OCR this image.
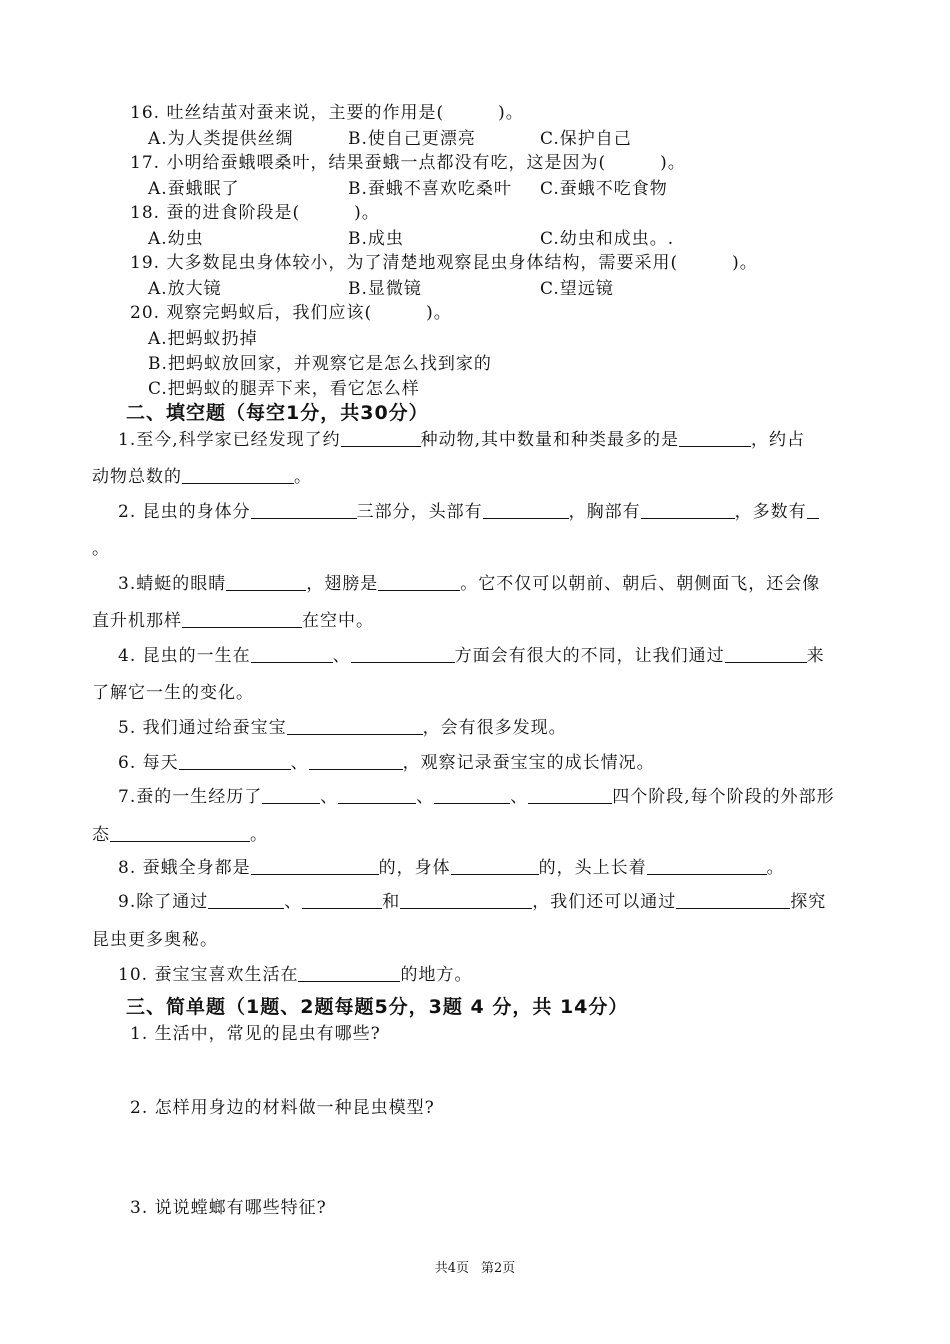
16. 吐丝结茧对蚕来说，主要的作用是(　　　)。
A.为人类提供丝绸	B.使自己更漂亮	C.保护自己
17. 小明给蚕蛾喂桑叶，结果蚕蛾一点都没有吃，这是因为(　　　)。
A.蚕蛾眠了	B.蚕蛾不喜欢吃桑叶 C.蚕蛾不吃食物
18. 蚕的进食阶段是(　　　)。
A.幼虫	B.成虫	C.幼虫和成虫。.
19. 大多数昆虫身体较小，为了清楚地观察昆虫身体结构，需要采用(　　　)。
A.放大镜	B.显微镜	C.望远镜
20. 观察完蚂蚁后，我们应该(　　　)。
A.把蚂蚁扔掉
B.把蚂蚁放回家，并观察它是怎么找到家的
C.把蚂蚁的腿弄下来，看它怎么样
二、填空题（每空1分，共30分）
1.至今,科学家已经发现了约	种动物,其中数量和种类最多的是	，约占
动物总数的	。
2. 昆虫的身体分	三部分，头部有	，胸部有	，多数有
。
3.蜻蜓的眼睛	，翅膀是	。它不仅可以朝前、朝后、朝侧面飞，还会像
直升机那样	在空中。
4. 昆虫的一生在	、	方面会有很大的不同，让我们通过	来
了解它一生的变化。
5. 我们通过给蚕宝宝	，会有很多发现。
6. 每天	、	，观察记录蚕宝宝的成长情况。
7.蚕的一生经历了	、	、	、	四个阶段,每个阶段的外部形
态	。
8. 蚕蛾全身都是	的，身体	的，头上长着	。
9.除了通过	、	和	，我们还可以通过	探究
昆虫更多奥秘。
10. 蚕宝宝喜欢生活在	的地方。
三、简单题（1题、2题每题5分，3题 4 分，共 14分）
1. 生活中，常见的昆虫有哪些?
2. 怎样用身边的材料做一种昆虫模型?
3. 说说螳螂有哪些特征?
共4页 第2页
